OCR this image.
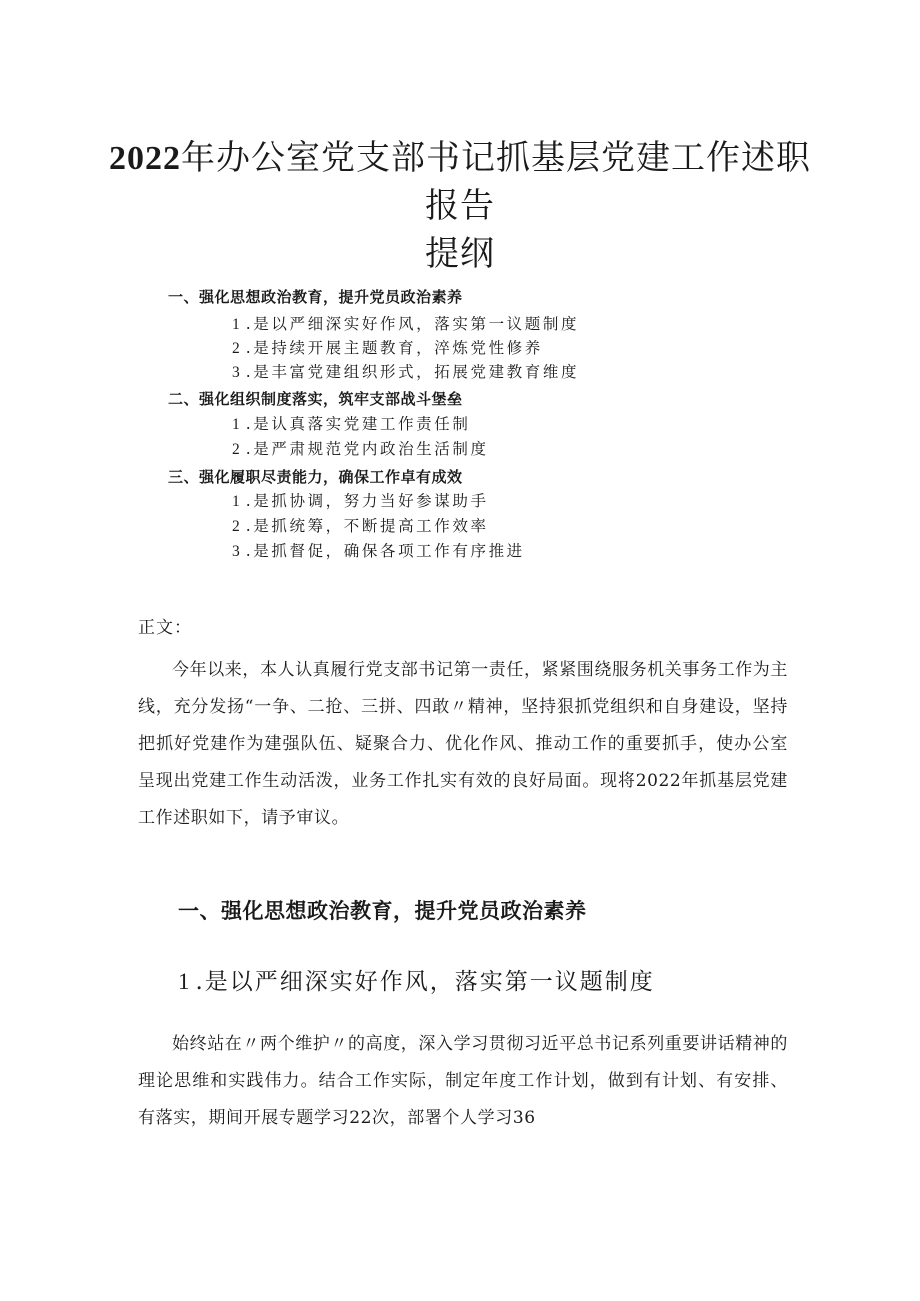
2022年办公室党支部书记抓基层党建工作述职
报告
提纲
一、强化思想政治教育，提升党员政治素养
1 .是以严细深实好作风，落实第一议题制度
2 .是持续开展主题教育，淬炼党性修养
3 .是丰富党建组织形式，拓展党建教育维度
二、强化组织制度落实，筑牢支部战斗堡垒
1 .是认真落实党建工作责任制
2 .是严肃规范党内政治生活制度
三、强化履职尽责能力，确保工作卓有成效
1 .是抓协调，努力当好参谋助手
2 .是抓统筹，不断提高工作效率
3 .是抓督促，确保各项工作有序推进
正文：

今年以来，本人认真履行党支部书记第一责任，紧紧围绕服务机关事务工作为主线，充分发扬“一争、二抢、三拼、四敢〃精神，坚持狠抓党组织和自身建设，坚持把抓好党建作为建强队伍、疑聚合力、优化作风、推动工作的重要抓手，使办公室呈现出党建工作生动活泼，业务工作扎实有效的良好局面。现将2022年抓基层党建工作述职如下，请予审议。

一、强化思想政治教育，提升党员政治素养
1 .是以严细深实好作风，落实第一议题制度

始终站在〃两个维护〃的高度，深入学习贯彻习近平总书记系列重要讲话精神的理论思维和实践伟力。结合工作实际，制定年度工作计划，做到有计划、有安排、有落实，期间开展专题学习22次，部署个人学习36
